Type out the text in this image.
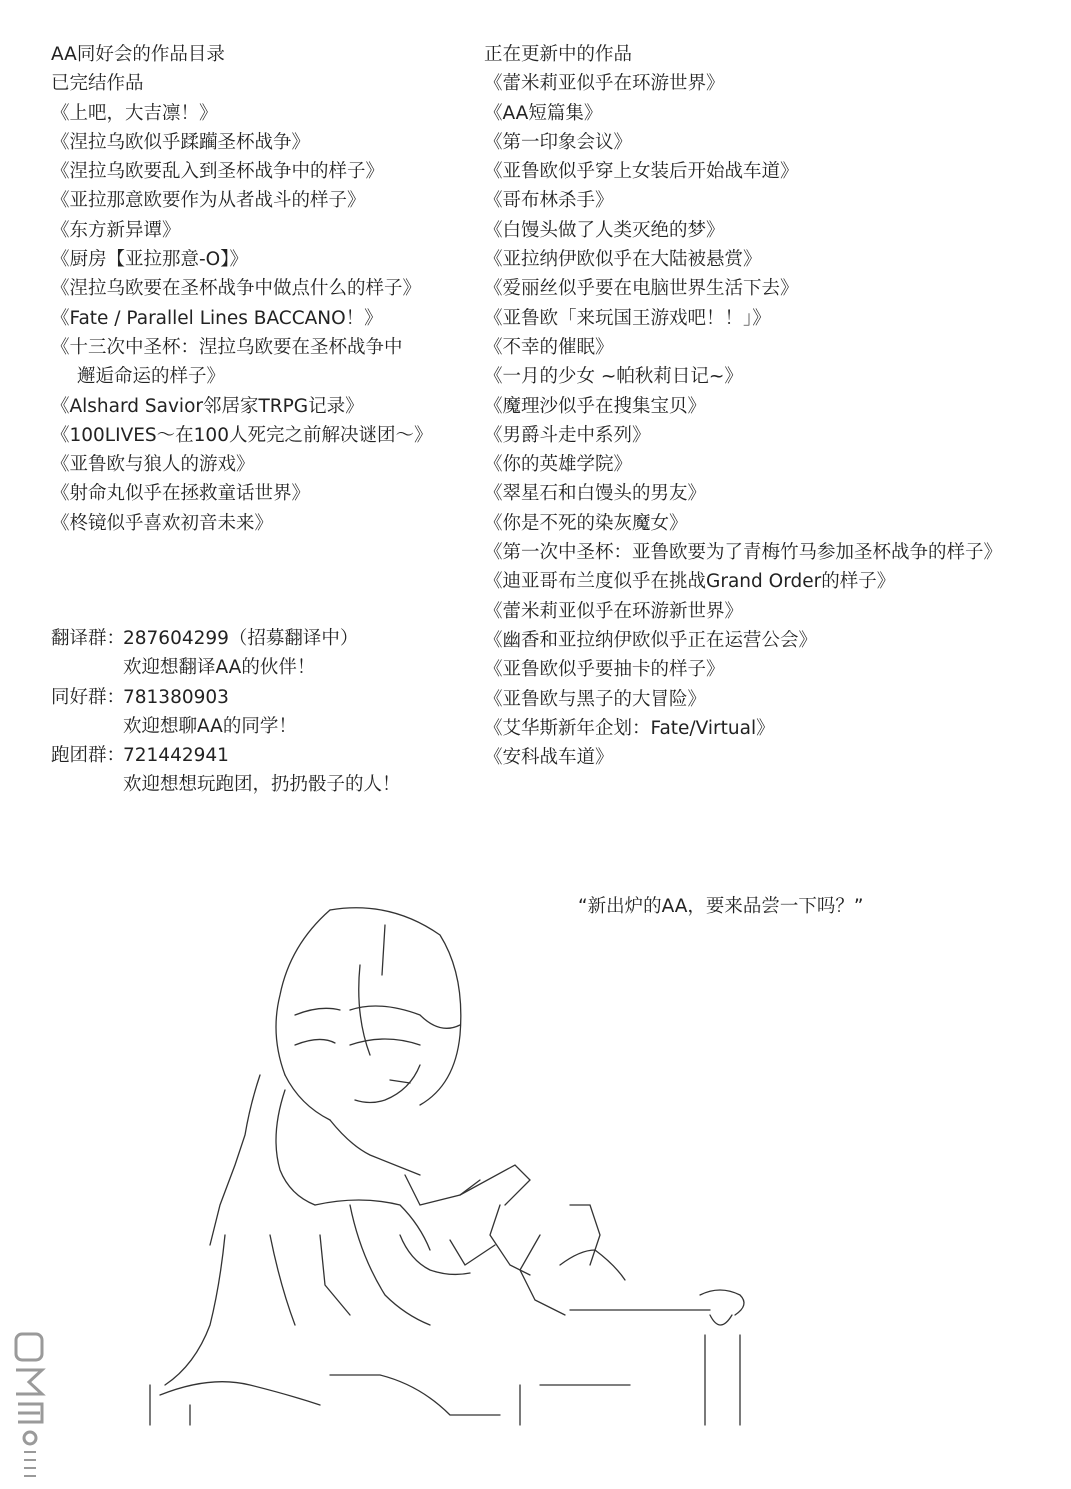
AA同好会的作品目录
已完结作品
《上吧，大吉凛！》
《涅拉乌欧似乎蹂躏圣杯战争》
《涅拉乌欧要乱入到圣杯战争中的样子》
《亚拉那意欧要作为从者战斗的样子》
《东方新异谭》
《厨房【亚拉那意-O】》
《涅拉乌欧要在圣杯战争中做点什么的样子》
《Fate / Parallel Lines BACCANO！》
《十三次中圣杯：涅拉乌欧要在圣杯战争中
邂逅命运的样子》
《Alshard Savior邻居家TRPG记录》
《100LIVES～在100人死完之前解决谜团～》
《亚鲁欧与狼人的游戏》
《射命丸似乎在拯救童话世界》
《柊镜似乎喜欢初音未来》
正在更新中的作品
《蕾米莉亚似乎在环游世界》
《AA短篇集》
《第一印象会议》
《亚鲁欧似乎穿上女装后开始战车道》
《哥布林杀手》
《白馒头做了人类灭绝的梦》
《亚拉纳伊欧似乎在大陆被悬赏》
《爱丽丝似乎要在电脑世界生活下去》
《亚鲁欧「来玩国王游戏吧！！」》
《不幸的催眠》
《一月的少女 ~帕秋莉日记~》
《魔理沙似乎在搜集宝贝》
《男爵斗走中系列》
《你的英雄学院》
《翠星石和白馒头的男友》
《你是不死的染灰魔女》
《第一次中圣杯：亚鲁欧要为了青梅竹马参加圣杯战争的样子》
《迪亚哥布兰度似乎在挑战Grand Order的样子》
《蕾米莉亚似乎在环游新世界》
《幽香和亚拉纳伊欧似乎正在运营公会》
《亚鲁欧似乎要抽卡的样子》
《亚鲁欧与黑子的大冒险》
《艾华斯新年企划：Fate/Virtual》
《安科战车道》
翻译群：
287604299（招募翻译中）
欢迎想翻译AA的伙伴！
同好群：
781380903
欢迎想聊AA的同学！
跑团群：
721442941
欢迎想想玩跑团，扔扔骰子的人！
“新出炉的AA，要来品尝一下吗？”
